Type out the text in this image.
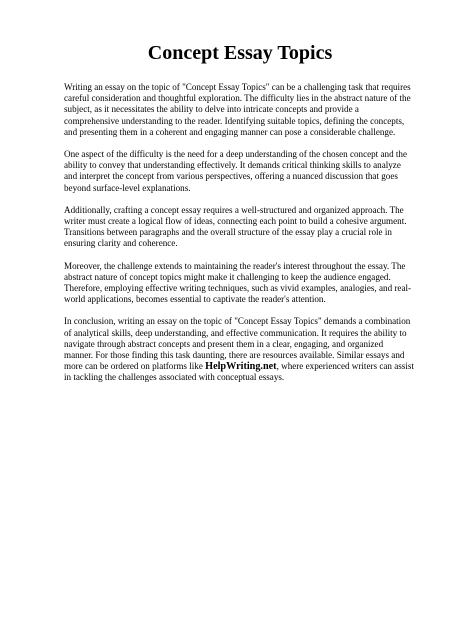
Concept Essay Topics

Writing an essay on the topic of "Concept Essay Topics" can be a challenging task that requires careful consideration and thoughtful exploration. The difficulty lies in the abstract nature of the subject, as it necessitates the ability to delve into intricate concepts and provide a comprehensive understanding to the reader. Identifying suitable topics, defining the concepts, and presenting them in a coherent and engaging manner can pose a considerable challenge.

One aspect of the difficulty is the need for a deep understanding of the chosen concept and the ability to convey that understanding effectively. It demands critical thinking skills to analyze and interpret the concept from various perspectives, offering a nuanced discussion that goes beyond surface-level explanations.

Additionally, crafting a concept essay requires a well-structured and organized approach. The writer must create a logical flow of ideas, connecting each point to build a cohesive argument. Transitions between paragraphs and the overall structure of the essay play a crucial role in ensuring clarity and coherence.

Moreover, the challenge extends to maintaining the reader's interest throughout the essay. The abstract nature of concept topics might make it challenging to keep the audience engaged. Therefore, employing effective writing techniques, such as vivid examples, analogies, and real-world applications, becomes essential to captivate the reader's attention.

In conclusion, writing an essay on the topic of "Concept Essay Topics" demands a combination of analytical skills, deep understanding, and effective communication. It requires the ability to navigate through abstract concepts and present them in a clear, engaging, and organized manner. For those finding this task daunting, there are resources available. Similar essays and more can be ordered on platforms like HelpWriting.net, where experienced writers can assist in tackling the challenges associated with conceptual essays.
